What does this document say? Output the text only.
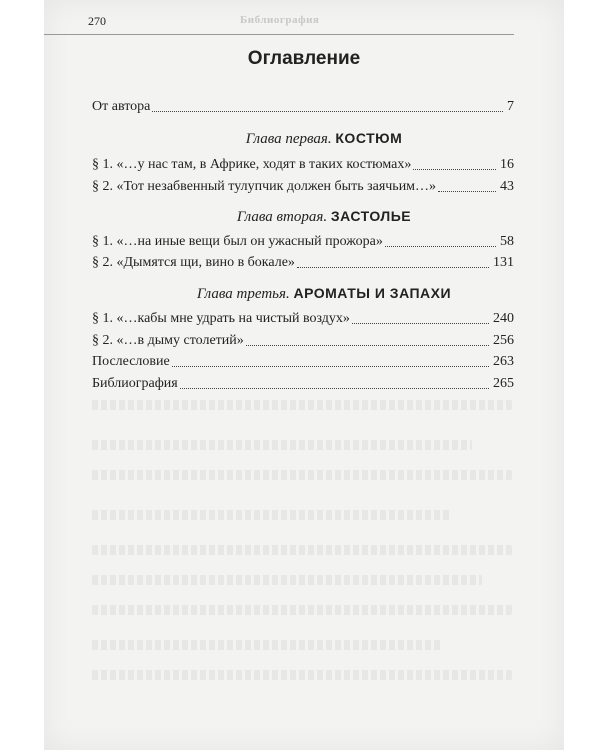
270	Библиография
Оглавление
От автора	7
Глава первая. КОСТЮМ
§ 1. «…у нас там, в Африке, ходят в таких костюмах»	16
§ 2. «Тот незабвенный тулупчик должен быть заячьим…»	43
Глава вторая. ЗАСТОЛЬЕ
§ 1. «…на иные вещи был он ужасный прожора»	58
§ 2. «Дымятся щи, вино в бокале»	131
Глава третья. АРОМАТЫ И ЗАПАХИ
§ 1. «…кабы мне удрать на чистый воздух»	240
§ 2. «…в дыму столетий»	256
Послесловие	263
Библиография	265
